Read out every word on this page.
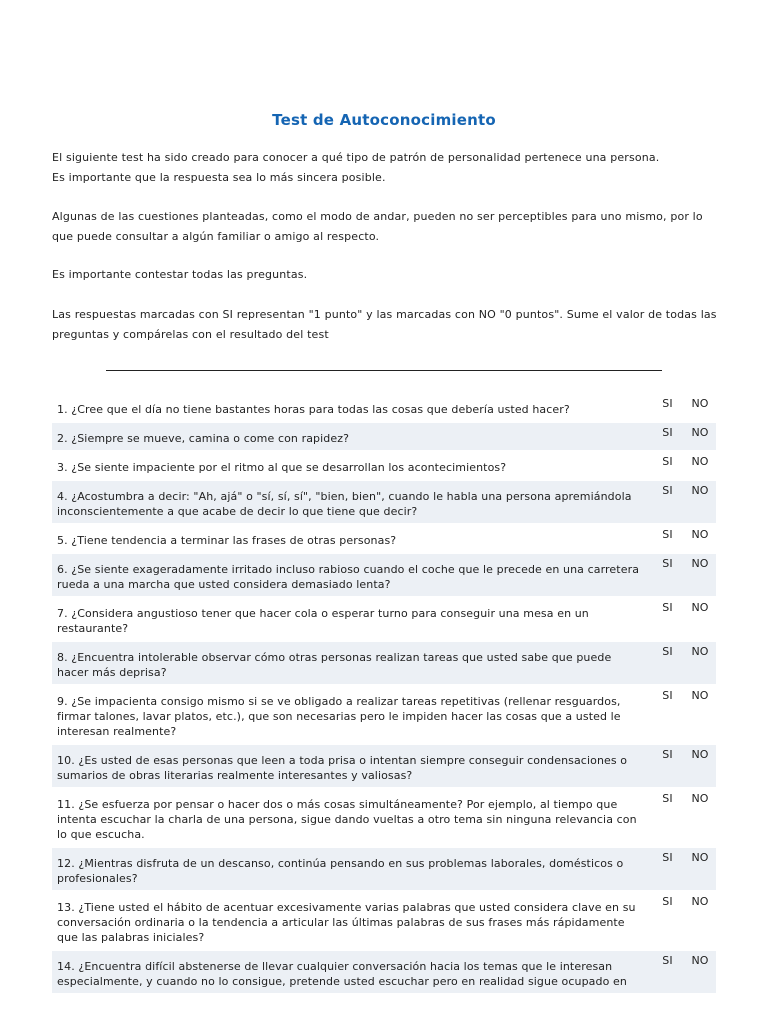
Test de Autoconocimiento
El siguiente test ha sido creado para conocer a qué tipo de patrón de personalidad pertenece una persona.
Es importante que la respuesta sea lo más sincera posible.
Algunas de las cuestiones planteadas, como el modo de andar, pueden no ser perceptibles para uno mismo, por lo que puede consultar a algún familiar o amigo al respecto.
Es importante contestar todas las preguntas.
Las respuestas marcadas con SI representan "1 punto" y las marcadas con NO "0 puntos". Sume el valor de todas las preguntas y compárelas con el resultado del test
1. ¿Cree que el día no tiene bastantes horas para todas las cosas que debería usted hacer?	SI	NO
2. ¿Siempre se mueve, camina o come con rapidez?	SI	NO
3. ¿Se siente impaciente por el ritmo al que se desarrollan los acontecimientos?	SI	NO
4. ¿Acostumbra a decir: "Ah, ajá" o "sí, sí, sí", "bien, bien", cuando le habla una persona apremiándola inconscientemente a que acabe de decir lo que tiene que decir?
SI	NO
5. ¿Tiene tendencia a terminar las frases de otras personas?	SI	NO
6. ¿Se siente exageradamente irritado incluso rabioso cuando el coche que le precede en una carretera rueda a una marcha que usted considera demasiado lenta?
SI	NO
7. ¿Considera angustioso tener que hacer cola o esperar turno para conseguir una mesa en un restaurante?
SI	NO
8. ¿Encuentra intolerable observar cómo otras personas realizan tareas que usted sabe que puede hacer más deprisa?
SI	NO
9. ¿Se impacienta consigo mismo si se ve obligado a realizar tareas repetitivas (rellenar resguardos, firmar talones, lavar platos, etc.), que son necesarias pero le impiden hacer las cosas que a usted le interesan realmente?
SI	NO
10. ¿Es usted de esas personas que leen a toda prisa o intentan siempre conseguir condensaciones o sumarios de obras literarias realmente interesantes y valiosas?
SI	NO
11. ¿Se esfuerza por pensar o hacer dos o más cosas simultáneamente? Por ejemplo, al tiempo que intenta escuchar la charla de una persona, sigue dando vueltas a otro tema sin ninguna relevancia con lo que escucha.
SI	NO
12. ¿Mientras disfruta de un descanso, continúa pensando en sus problemas laborales, domésticos o profesionales?
SI	NO
13. ¿Tiene usted el hábito de acentuar excesivamente varias palabras que usted considera clave en su conversación ordinaria o la tendencia a articular las últimas palabras de sus frases más rápidamente que las palabras iniciales?
SI	NO
14. ¿Encuentra difícil abstenerse de llevar cualquier conversación hacia los temas que le interesan especialmente, y cuando no lo consigue, pretende usted escuchar pero en realidad sigue ocupado en
SI	NO
